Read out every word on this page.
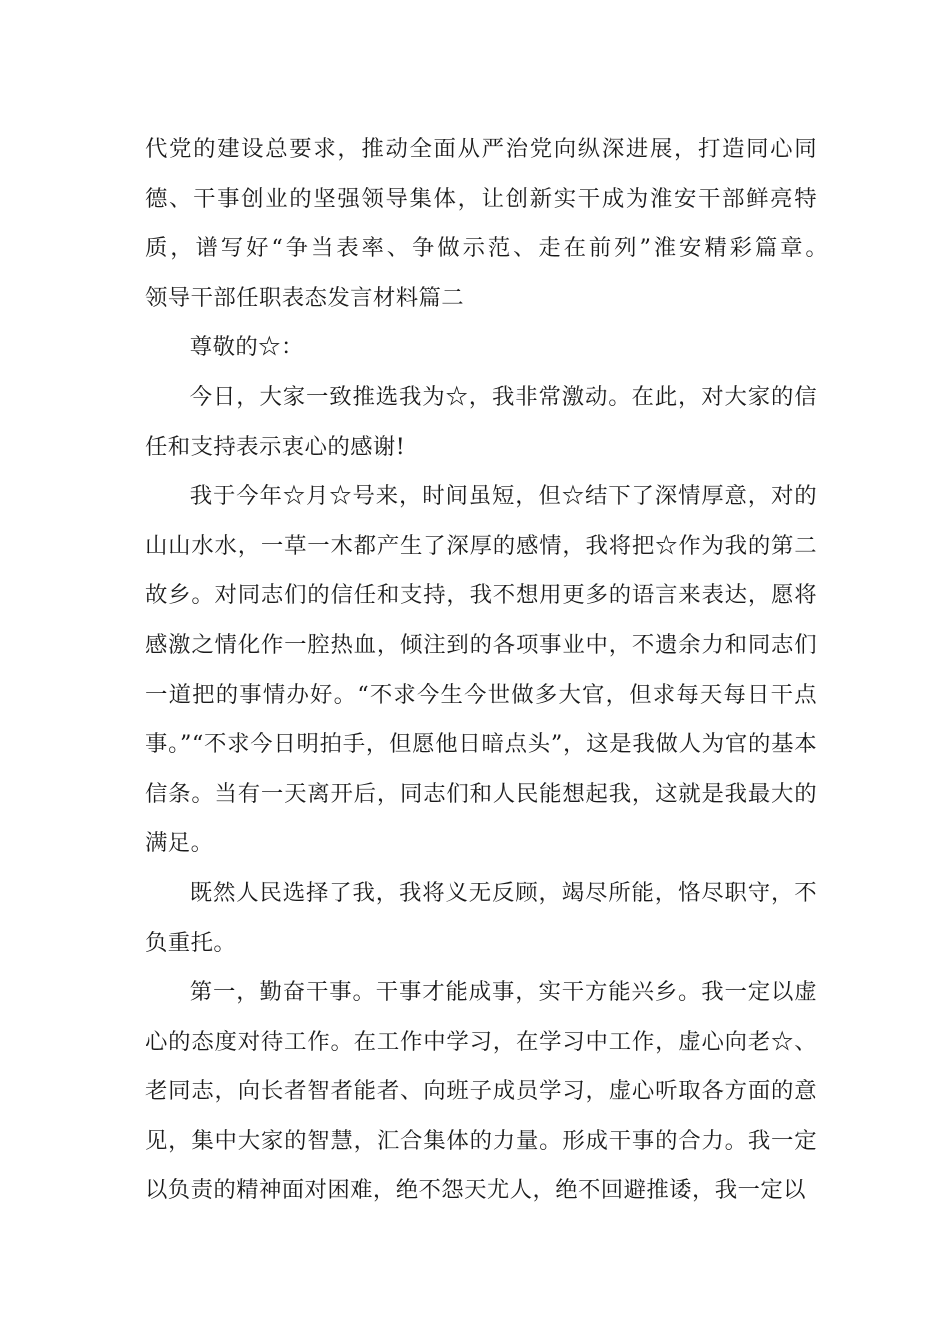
代党的建设总要求，推动全面从严治党向纵深进展，打造同心同德、干事创业的坚强领导集体，让创新实干成为淮安干部鲜亮特质，谱写好“争当表率、争做示范、走在前列”淮安精彩篇章。　　领导干部任职表态发言材料篇二

尊敬的☆：

今日，大家一致推选我为☆，我非常激动。在此，对大家的信任和支持表示衷心的感谢!

我于今年☆月☆号来，时间虽短，但☆结下了深情厚意，对的山山水水，一草一木都产生了深厚的感情，我将把☆作为我的第二故乡。对同志们的信任和支持，我不想用更多的语言来表达，愿将感激之情化作一腔热血，倾注到的各项事业中，不遗余力和同志们一道把的事情办好。“不求今生今世做多大官，但求每天每日干点事。”“不求今日明拍手，但愿他日暗点头”，这是我做人为官的基本信条。当有一天离开后，同志们和人民能想起我，这就是我最大的满足。

既然人民选择了我，我将义无反顾，竭尽所能，恪尽职守，不负重托。

第一，勤奋干事。干事才能成事，实干方能兴乡。我一定以虚心的态度对待工作。在工作中学习，在学习中工作，虚心向老☆、老同志，向长者智者能者、向班子成员学习，虚心听取各方面的意见，集中大家的智慧，汇合集体的力量。形成干事的合力。我一定以负责的精神面对困难，绝不怨天尤人，绝不回避推诿，我一定以
